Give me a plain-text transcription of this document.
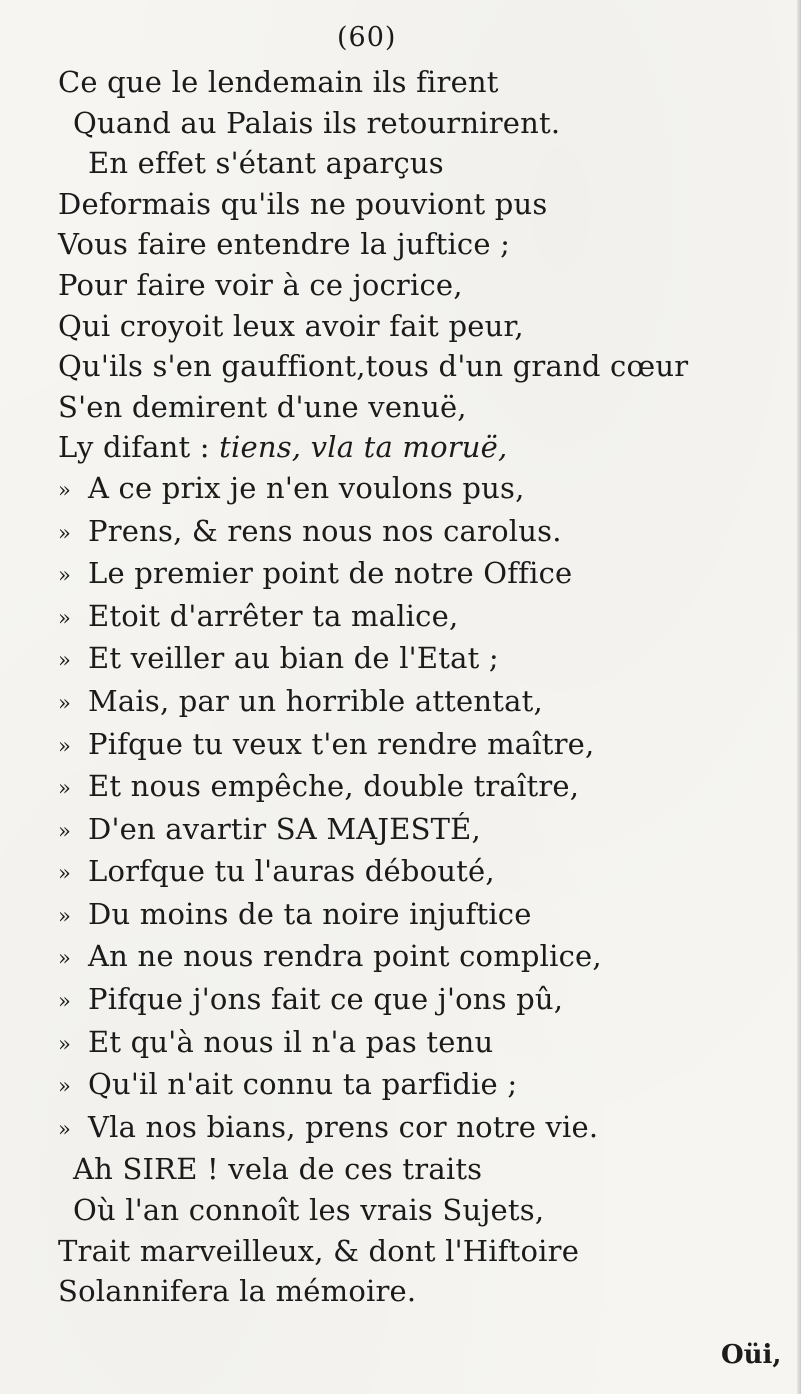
(60)
Ce que le lendemain ils firent
Quand au Palais ils retournirent.
En effet s'étant aparçus
Deformais qu'ils ne pouviont pus
Vous faire entendre la juftice ;
Pour faire voir à ce jocrice,
Qui croyoit leux avoir fait peur,
Qu'ils s'en gauffiont,tous d'un grand cœur
S'en demirent d'une venuë,
Ly difant : tiens, vla ta moruë,
» A ce prix je n'en voulons pus,
» Prens, & rens nous nos carolus.
» Le premier point de notre Office
» Etoit d'arrêter ta malice,
» Et veiller au bian de l'Etat ;
» Mais, par un horrible attentat,
» Pifque tu veux t'en rendre maître,
» Et nous empêche, double traître,
» D'en avartir SA MAJESTÉ,
» Lorfque tu l'auras débouté,
» Du moins de ta noire injuftice
» An ne nous rendra point complice,
» Pifque j'ons fait ce que j'ons pû,
» Et qu'à nous il n'a pas tenu
» Qu'il n'ait connu ta parfidie ;
» Vla nos bians, prens cor notre vie.
Ah SIRE ! vela de ces traits
Où l'an connoît les vrais Sujets,
Trait marveilleux, & dont l'Hiftoire
Solannifera la mémoire.
Oüi,
